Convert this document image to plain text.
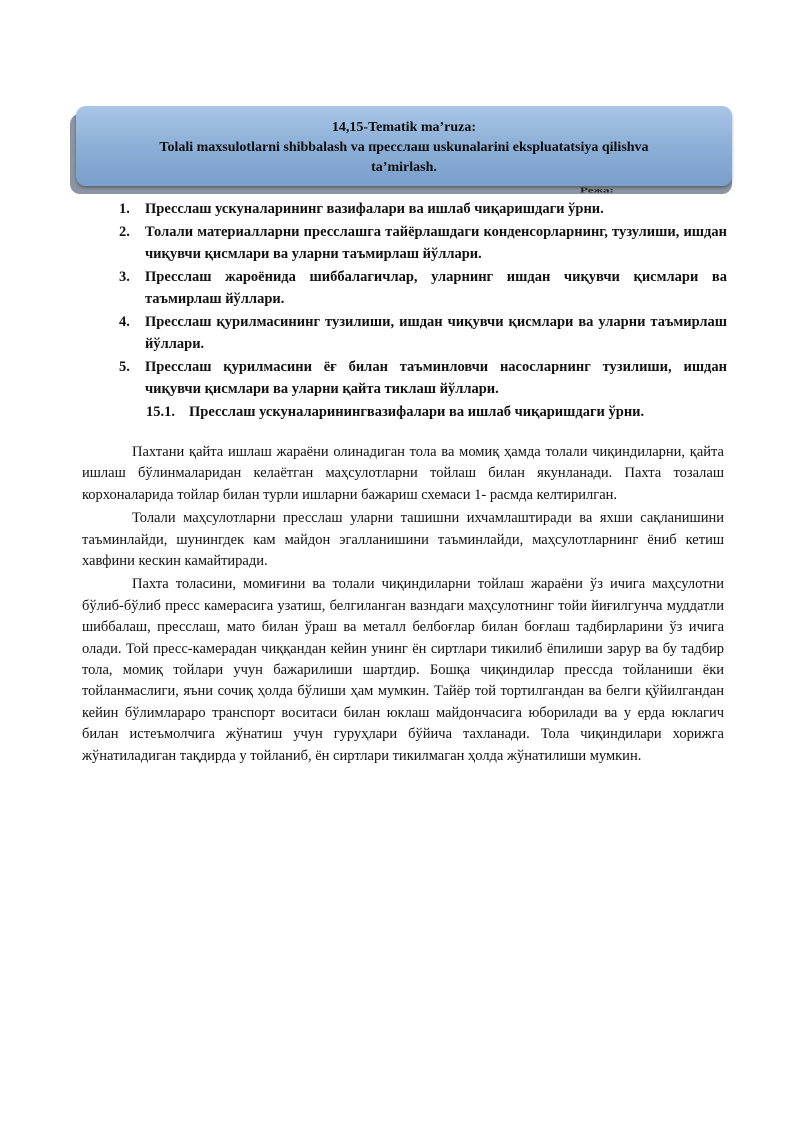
14,15-Tematik ma’ruza:
Tolali maxsulotlarni shibbalash va пресслаш uskunalarini ekspluatatsiya qilishva
ta’mirlash.
Режа:
1. Пресслаш ускуналарининг вазифалари ва ишлаб чиқаришдаги ўрни.
2. Толали материалларни пресслашга тайёрлашдаги конденсорларнинг, тузулиши, ишдан чиқувчи қисмлари ва уларни таъмирлаш йўллари.
3. Пресслаш жароёнида шиббалагичлар, уларнинг ишдан чиқувчи қисмлари ва таъмирлаш йўллари.
4. Пресслаш қурилмасининг тузилиши, ишдан чиқувчи қисмлари ва уларни таъмирлаш йўллари.
5. Пресслаш қурилмасини ёғ билан таъминловчи насосларнинг тузилиши, ишдан чиқувчи қисмлари ва уларни қайта тиклаш йўллари.
15.1. Пресслаш ускуналаринингвазифалари ва ишлаб чиқаришдаги ўрни.

Пахтани қайта ишлаш жараёни олинадиган тола ва момиқ ҳамда толали чиқиндиларни, қайта ишлаш бўлинмаларидан келаётган маҳсулотларни тойлаш билан якунланади. Пахта тозалаш корхоналарида тойлар билан турли ишларни бажариш схемаси 1- расмда келтирилган.

Толали маҳсулотларни пресслаш уларни ташишни ихчамлаштиради ва яхши сақланишини таъминлайди, шунингдек кам майдон эгалланишини таъминлайди, маҳсулотларнинг ёниб кетиш хавфини кескин камайтиради.

Пахта толасини, момиғини ва толали чиқиндиларни тойлаш жараёни ўз ичига маҳсулотни бўлиб-бўлиб пресс камерасига узатиш, белгиланган вазндаги маҳсулотнинг тойи йиғилгунча муддатли шиббалаш, пресслаш, мато билан ўраш ва металл белбоғлар билан боғлаш тадбирларини ўз ичига олади. Той пресс-камерадан чиққандан кейин унинг ён сиртлари тикилиб ёпилиши зарур ва бу тадбир тола, момиқ тойлари учун бажарилиши шартдир. Бошқа чиқиндилар пресcда тойланиши ёки тойланмаслиги, яъни сочиқ ҳолда бўлиши ҳам мумкин. Тайёр той тортилгандан ва белги қўйилгандан кейин бўлимлараро транспорт воситаси билан юклаш майдончасига юборилади ва у ерда юклагич билан истеъмолчига жўнатиш учун гуруҳлари бўйича тахланади. Тола чиқиндилари хорижга жўнатиладиган тақдирда у тойланиб, ён сиртлари тикилмаган ҳолда жўнатилиши мумкин.
